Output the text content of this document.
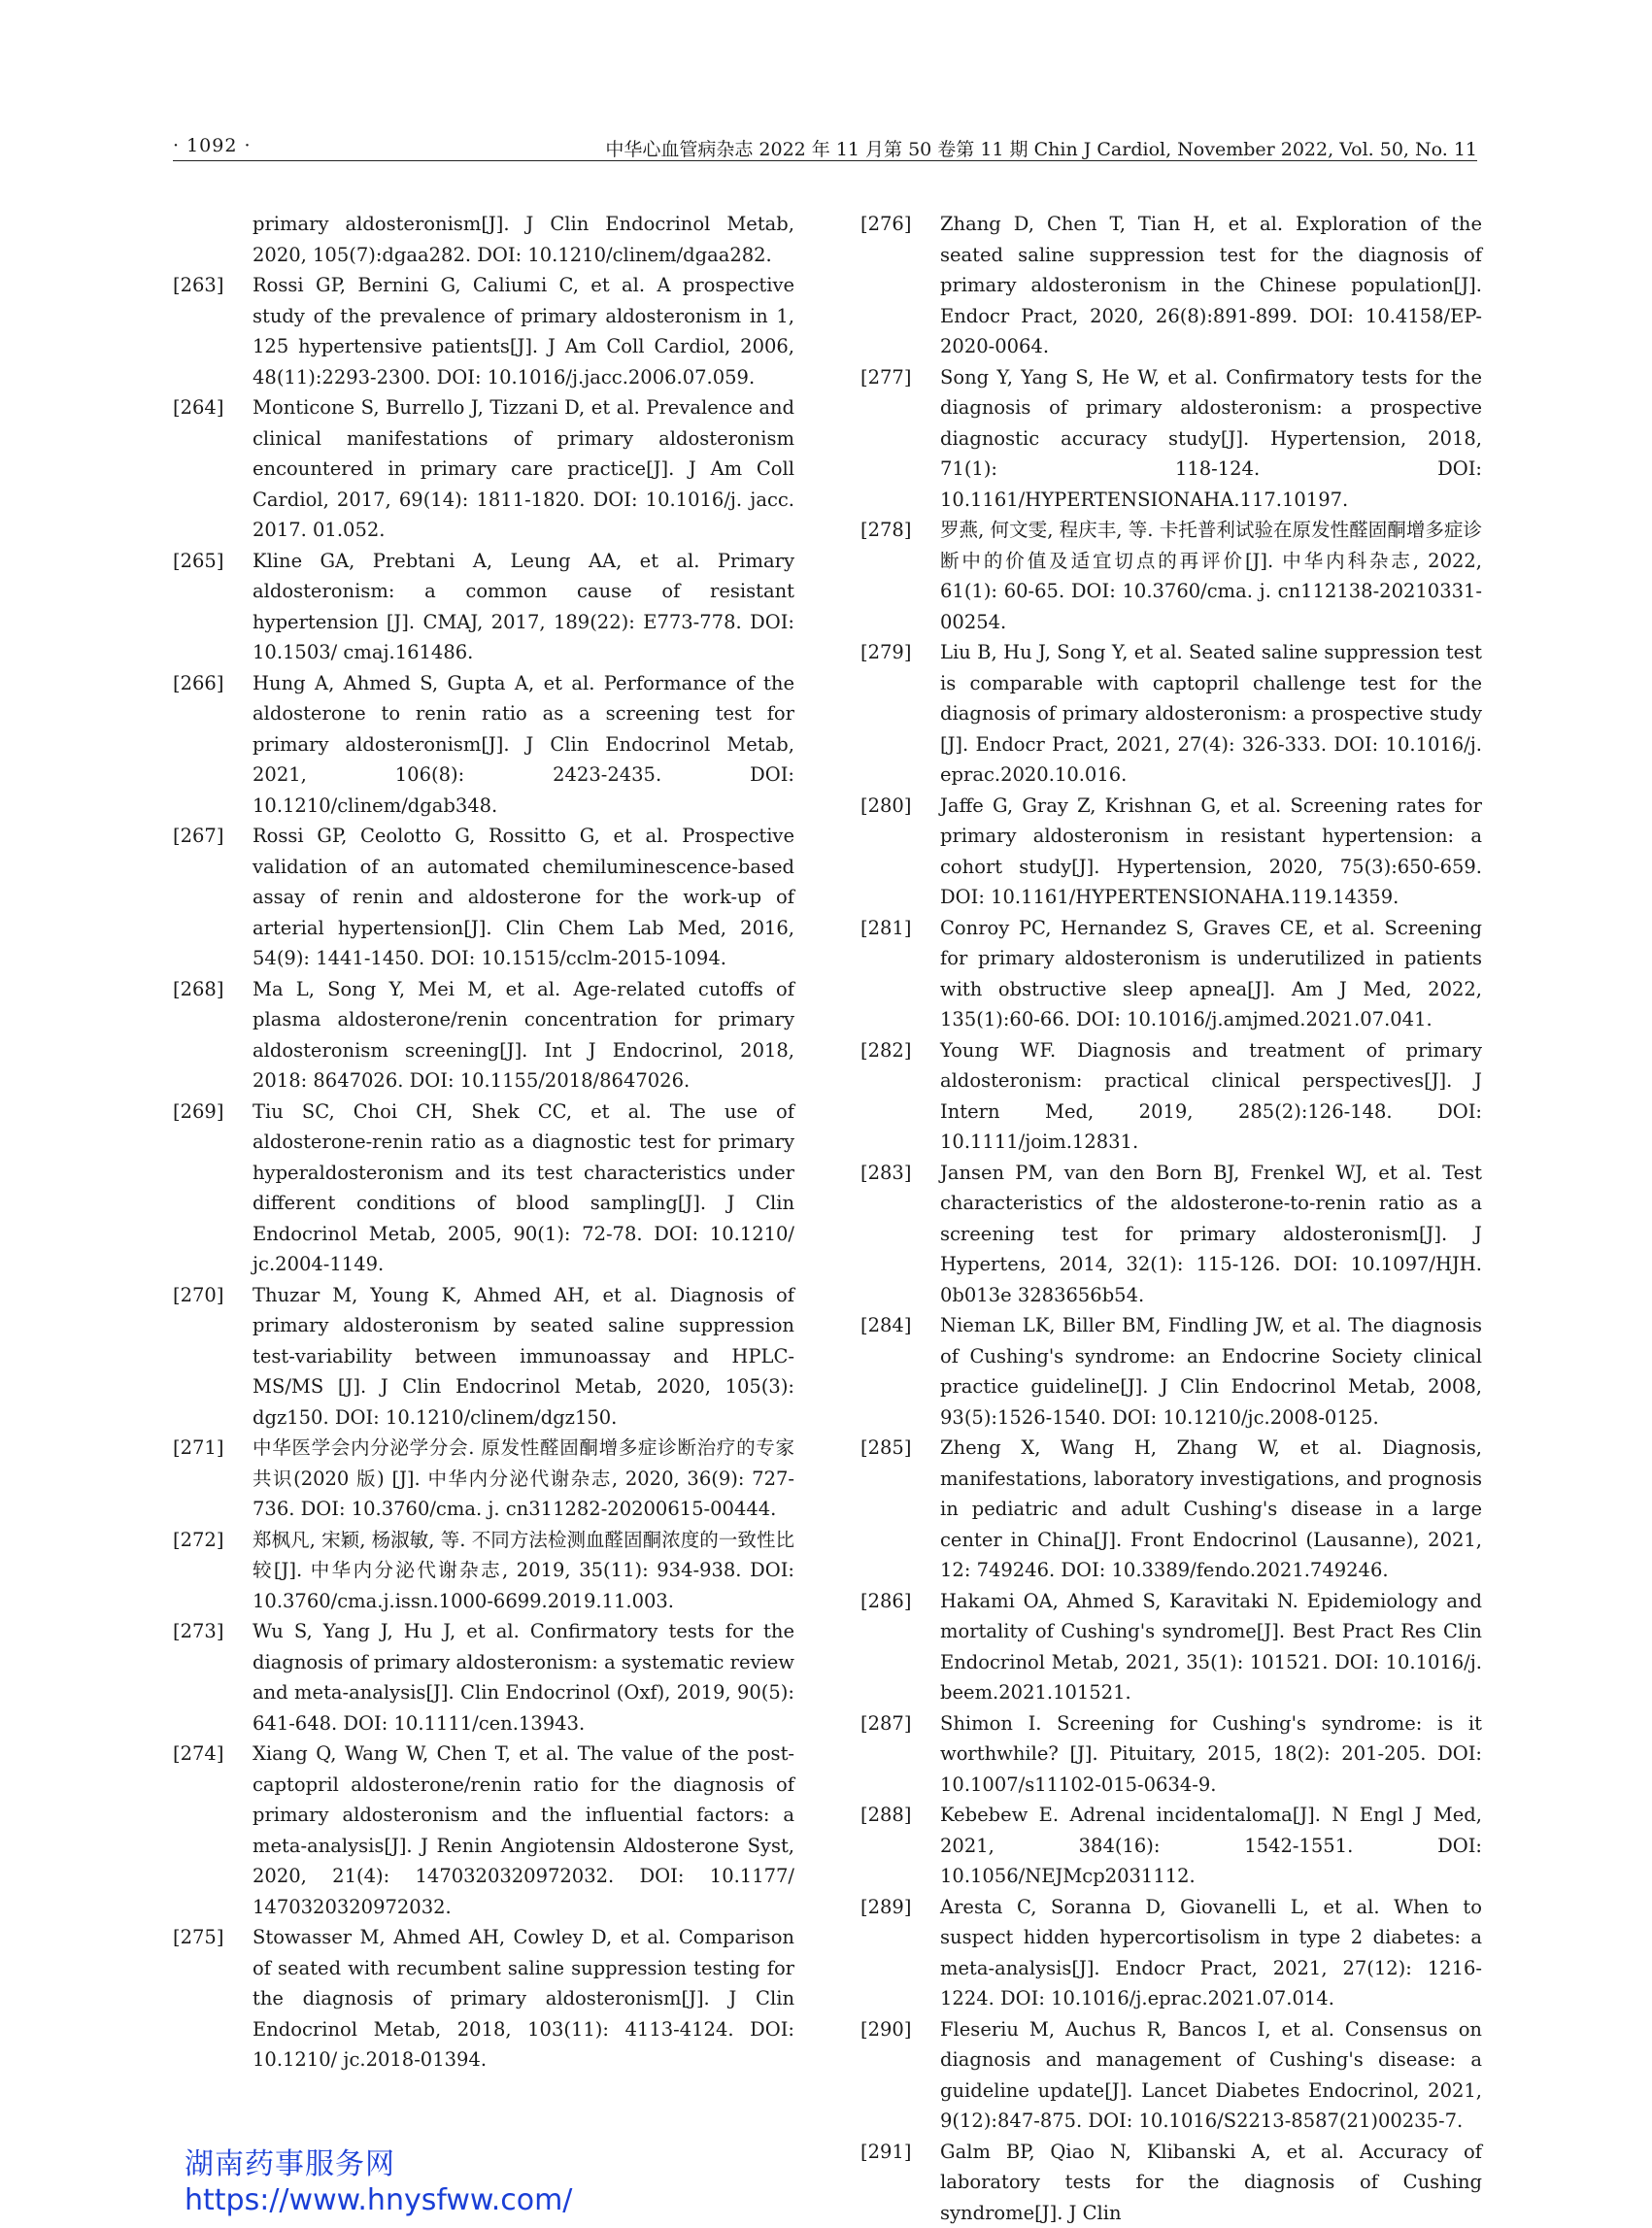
· 1092 ·	中华心血管病杂志 2022 年 11 月第 50 卷第 11 期 Chin J Cardiol, November 2022, Vol. 50, No. 11

primary aldosteronism[J]. J Clin Endocrinol Metab, 2020, 105(7):dgaa282. DOI: 10.1210/clinem/dgaa282.

[263] Rossi GP, Bernini G, Caliumi C, et al. A prospective study of the prevalence of primary aldosteronism in 1, 125 hypertensive patients[J]. J Am Coll Cardiol, 2006, 48(11):2293-2300. DOI: 10.1016/j.jacc.2006.07.059.

[264] Monticone S, Burrello J, Tizzani D, et al. Prevalence and clinical manifestations of primary aldosteronism encountered in primary care practice[J]. J Am Coll Cardiol, 2017, 69(14): 1811-1820. DOI: 10.1016/j. jacc. 2017. 01.052.

[265] Kline GA, Prebtani A, Leung AA, et al. Primary aldosteronism: a common cause of resistant hypertension [J]. CMAJ, 2017, 189(22): E773-778. DOI: 10.1503/ cmaj.161486.

[266] Hung A, Ahmed S, Gupta A, et al. Performance of the aldosterone to renin ratio as a screening test for primary aldosteronism[J]. J Clin Endocrinol Metab, 2021, 106(8): 2423-2435. DOI: 10.1210/clinem/dgab348.

[267] Rossi GP, Ceolotto G, Rossitto G, et al. Prospective validation of an automated chemiluminescence-based assay of renin and aldosterone for the work-up of arterial hypertension[J]. Clin Chem Lab Med, 2016, 54(9): 1441-1450. DOI: 10.1515/cclm-2015-1094.

[268] Ma L, Song Y, Mei M, et al. Age-related cutoffs of plasma aldosterone/renin concentration for primary aldosteronism screening[J]. Int J Endocrinol, 2018, 2018: 8647026. DOI: 10.1155/2018/8647026.

[269] Tiu SC, Choi CH, Shek CC, et al. The use of aldosterone-renin ratio as a diagnostic test for primary hyperaldosteronism and its test characteristics under different conditions of blood sampling[J]. J Clin Endocrinol Metab, 2005, 90(1): 72-78. DOI: 10.1210/ jc.2004-1149.

[270] Thuzar M, Young K, Ahmed AH, et al. Diagnosis of primary aldosteronism by seated saline suppression test-variability between immunoassay and HPLC-MS/MS [J]. J Clin Endocrinol Metab, 2020, 105(3): dgz150. DOI: 10.1210/clinem/dgz150.

[271] 中华医学会内分泌学分会. 原发性醛固酮增多症诊断治疗的专家共识(2020 版) [J]. 中华内分泌代谢杂志, 2020, 36(9): 727-736. DOI: 10.3760/cma. j. cn311282-20200615-00444.

[272] 郑枫凡, 宋颖, 杨淑敏, 等. 不同方法检测血醛固酮浓度的一致性比较[J]. 中华内分泌代谢杂志, 2019, 35(11): 934-938. DOI: 10.3760/cma.j.issn.1000-6699.2019.11.003.

[273] Wu S, Yang J, Hu J, et al. Confirmatory tests for the diagnosis of primary aldosteronism: a systematic review and meta-analysis[J]. Clin Endocrinol (Oxf), 2019, 90(5): 641-648. DOI: 10.1111/cen.13943.

[274] Xiang Q, Wang W, Chen T, et al. The value of the post-captopril aldosterone/renin ratio for the diagnosis of primary aldosteronism and the influential factors: a meta-analysis[J]. J Renin Angiotensin Aldosterone Syst, 2020, 21(4): 1470320320972032. DOI: 10.1177/ 1470320320972032.

[275] Stowasser M, Ahmed AH, Cowley D, et al. Comparison of seated with recumbent saline suppression testing for the diagnosis of primary aldosteronism[J]. J Clin Endocrinol Metab, 2018, 103(11): 4113-4124. DOI: 10.1210/ jc.2018-01394.

[276] Zhang D, Chen T, Tian H, et al. Exploration of the seated saline suppression test for the diagnosis of primary aldosteronism in the Chinese population[J]. Endocr Pract, 2020, 26(8):891-899. DOI: 10.4158/EP-2020-0064.

[277] Song Y, Yang S, He W, et al. Confirmatory tests for the diagnosis of primary aldosteronism: a prospective diagnostic accuracy study[J]. Hypertension, 2018, 71(1): 118-124. DOI: 10.1161/HYPERTENSIONAHA.117.10197.

[278] 罗燕, 何文雯, 程庆丰, 等. 卡托普利试验在原发性醛固酮增多症诊断中的价值及适宜切点的再评价[J]. 中华内科杂志, 2022, 61(1): 60-65. DOI: 10.3760/cma. j. cn112138-20210331-00254.

[279] Liu B, Hu J, Song Y, et al. Seated saline suppression test is comparable with captopril challenge test for the diagnosis of primary aldosteronism: a prospective study [J]. Endocr Pract, 2021, 27(4): 326-333. DOI: 10.1016/j. eprac.2020.10.016.

[280] Jaffe G, Gray Z, Krishnan G, et al. Screening rates for primary aldosteronism in resistant hypertension: a cohort study[J]. Hypertension, 2020, 75(3):650-659. DOI: 10.1161/HYPERTENSIONAHA.119.14359.

[281] Conroy PC, Hernandez S, Graves CE, et al. Screening for primary aldosteronism is underutilized in patients with obstructive sleep apnea[J]. Am J Med, 2022, 135(1):60-66. DOI: 10.1016/j.amjmed.2021.07.041.

[282] Young WF. Diagnosis and treatment of primary aldosteronism: practical clinical perspectives[J]. J Intern Med, 2019, 285(2):126-148. DOI: 10.1111/joim.12831.

[283] Jansen PM, van den Born BJ, Frenkel WJ, et al. Test characteristics of the aldosterone-to-renin ratio as a screening test for primary aldosteronism[J]. J Hypertens, 2014, 32(1): 115-126. DOI: 10.1097/HJH. 0b013e 3283656b54.

[284] Nieman LK, Biller BM, Findling JW, et al. The diagnosis of Cushing's syndrome: an Endocrine Society clinical practice guideline[J]. J Clin Endocrinol Metab, 2008, 93(5):1526-1540. DOI: 10.1210/jc.2008-0125.

[285] Zheng X, Wang H, Zhang W, et al. Diagnosis, manifestations, laboratory investigations, and prognosis in pediatric and adult Cushing's disease in a large center in China[J]. Front Endocrinol (Lausanne), 2021, 12: 749246. DOI: 10.3389/fendo.2021.749246.

[286] Hakami OA, Ahmed S, Karavitaki N. Epidemiology and mortality of Cushing's syndrome[J]. Best Pract Res Clin Endocrinol Metab, 2021, 35(1): 101521. DOI: 10.1016/j. beem.2021.101521.

[287] Shimon I. Screening for Cushing's syndrome: is it worthwhile? [J]. Pituitary, 2015, 18(2): 201-205. DOI: 10.1007/s11102-015-0634-9.

[288] Kebebew E. Adrenal incidentaloma[J]. N Engl J Med, 2021, 384(16): 1542-1551. DOI: 10.1056/NEJMcp2031112.

[289] Aresta C, Soranna D, Giovanelli L, et al. When to suspect hidden hypercortisolism in type 2 diabetes: a meta-analysis[J]. Endocr Pract, 2021, 27(12): 1216-1224. DOI: 10.1016/j.eprac.2021.07.014.

[290] Fleseriu M, Auchus R, Bancos I, et al. Consensus on diagnosis and management of Cushing's disease: a guideline update[J]. Lancet Diabetes Endocrinol, 2021, 9(12):847-875. DOI: 10.1016/S2213-8587(21)00235-7.

[291] Galm BP, Qiao N, Klibanski A, et al. Accuracy of laboratory tests for the diagnosis of Cushing syndrome[J]. J Clin

湖南药事服务网
https://www.hnysfww.com/
